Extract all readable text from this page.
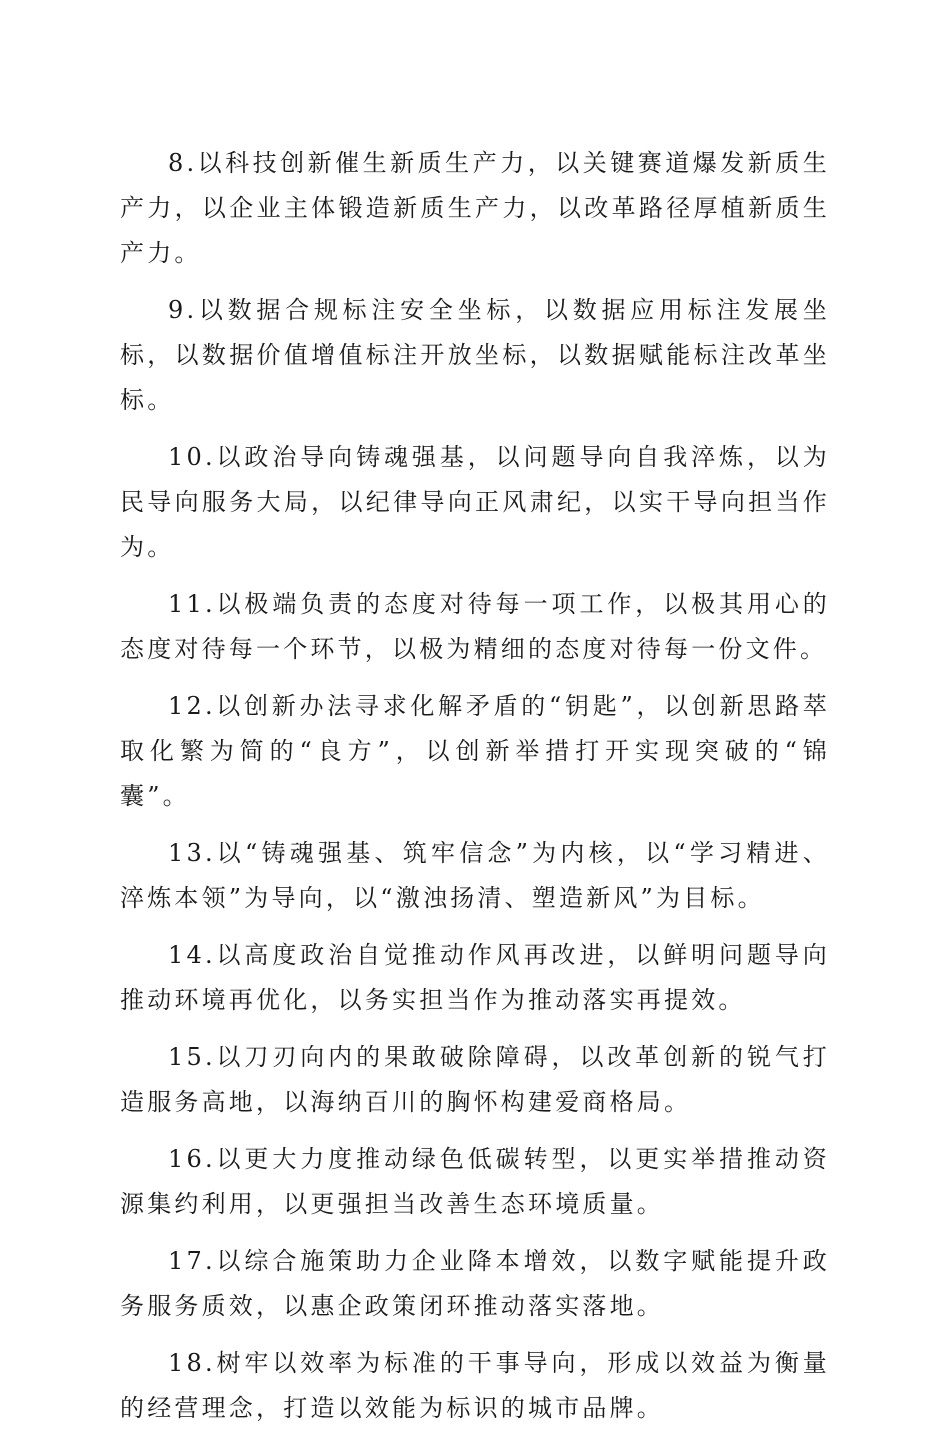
8.以科技创新催生新质生产力，以关键赛道爆发新质生产力，以企业主体锻造新质生产力，以改革路径厚植新质生产力。

9.以数据合规标注安全坐标，以数据应用标注发展坐标，以数据价值增值标注开放坐标，以数据赋能标注改革坐标。

10.以政治导向铸魂强基，以问题导向自我淬炼，以为民导向服务大局，以纪律导向正风肃纪，以实干导向担当作为。

11.以极端负责的态度对待每一项工作，以极其用心的态度对待每一个环节，以极为精细的态度对待每一份文件。

12.以创新办法寻求化解矛盾的“钥匙”，以创新思路萃取化繁为简的“良方”，以创新举措打开实现突破的“锦囊”。

13.以“铸魂强基、筑牢信念”为内核，以“学习精进、淬炼本领”为导向，以“激浊扬清、塑造新风”为目标。

14.以高度政治自觉推动作风再改进，以鲜明问题导向推动环境再优化，以务实担当作为推动落实再提效。

15.以刀刃向内的果敢破除障碍，以改革创新的锐气打造服务高地，以海纳百川的胸怀构建爱商格局。

16.以更大力度推动绿色低碳转型，以更实举措推动资源集约利用，以更强担当改善生态环境质量。

17.以综合施策助力企业降本增效，以数字赋能提升政务服务质效，以惠企政策闭环推动落实落地。

18.树牢以效率为标准的干事导向，形成以效益为衡量的经营理念，打造以效能为标识的城市品牌。
